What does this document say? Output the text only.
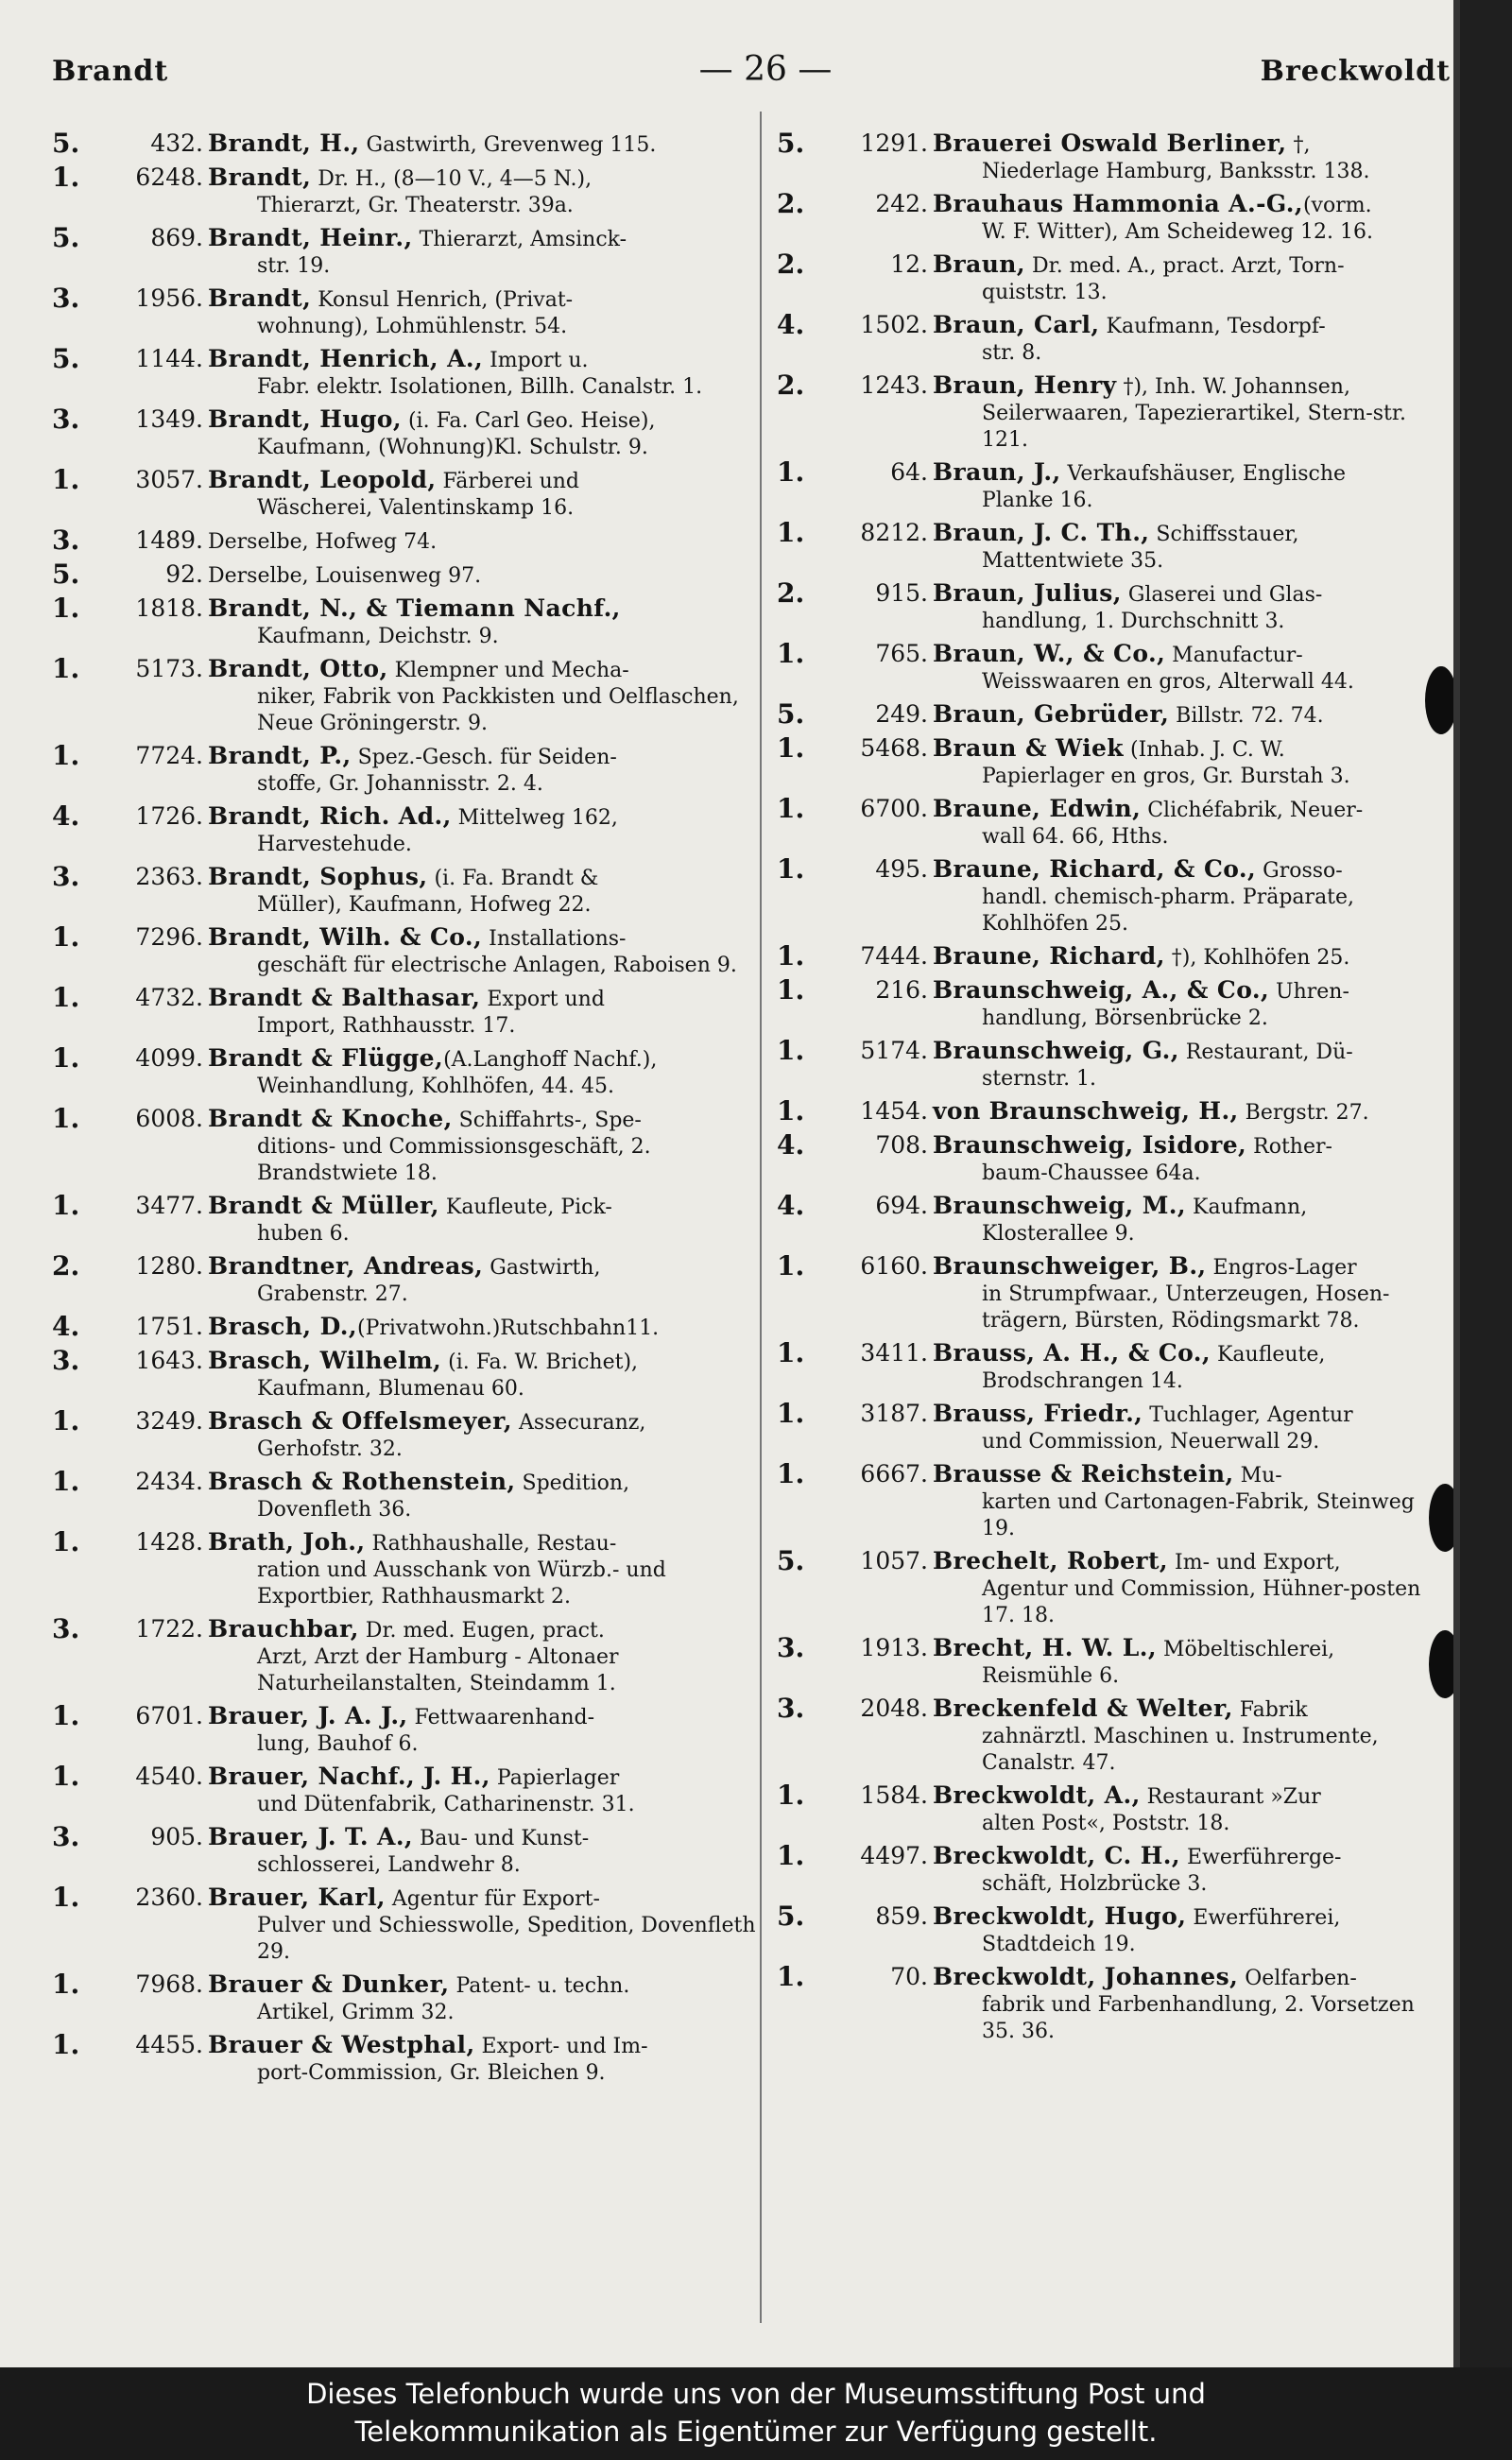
Brandt	— 26 —	Breckwoldt
5.	432. Brandt, H., Gastwirth, Grevenweg 115.
1.	6248. Brandt, Dr. H., (8—10 V., 4—5 N.),
Thierarzt, Gr. Theaterstr. 39a.
5.	869. Brandt, Heinr., Thierarzt, Amsinck-
str. 19.
3.	1956. Brandt, Konsul Henrich, (Privat-
wohnung), Lohmühlenstr. 54.
5.	1144. Brandt, Henrich, A., Import u.
Fabr. elektr. Isolationen, Billh. Canalstr. 1.
3.	1349. Brandt, Hugo, (i. Fa. Carl Geo. Heise),
Kaufmann, (Wohnung)Kl. Schulstr. 9.
1.	3057. Brandt, Leopold, Färberei und
Wäscherei, Valentinskamp 16.
3.	1489. Derselbe, Hofweg 74.
5.	92. Derselbe, Louisenweg 97.
1.	1818. Brandt, N., & Tiemann Nachf.,
Kaufmann, Deichstr. 9.
1.	5173. Brandt, Otto, Klempner und Mecha-
niker, Fabrik von Packkisten und Oelflaschen, Neue Gröningerstr. 9.
1.	7724. Brandt, P., Spez.-Gesch. für Seiden-
stoffe, Gr. Johannisstr. 2. 4.
4.	1726. Brandt, Rich. Ad., Mittelweg 162,
Harvestehude.
3.	2363. Brandt, Sophus, (i. Fa. Brandt &
Müller), Kaufmann, Hofweg 22.
1.	7296. Brandt, Wilh. & Co., Installations-
geschäft für electrische Anlagen, Raboisen 9.
1.	4732. Brandt & Balthasar, Export und
Import, Rathhausstr. 17.
1.	4099. Brandt & Flügge,(A.Langhoff Nachf.),
Weinhandlung, Kohlhöfen, 44. 45.
1.	6008. Brandt & Knoche, Schiffahrts-, Spe-
ditions- und Commissionsgeschäft, 2. Brandstwiete 18.
1.	3477. Brandt & Müller, Kaufleute, Pick-
huben 6.
2.	1280. Brandtner, Andreas, Gastwirth,
Grabenstr. 27.
4.	1751. Brasch, D.,(Privatwohn.)Rutschbahn11.
3.	1643. Brasch, Wilhelm, (i. Fa. W. Brichet),
Kaufmann, Blumenau 60.
1.	3249. Brasch & Offelsmeyer, Assecuranz,
Gerhofstr. 32.
1.	2434. Brasch & Rothenstein, Spedition,
Dovenfleth 36.
1.	1428. Brath, Joh., Rathhaushalle, Restau-
ration und Ausschank von Würzb.- und Exportbier, Rathhausmarkt 2.
3.	1722. Brauchbar, Dr. med. Eugen, pract.
Arzt, Arzt der Hamburg - Altonaer Naturheilanstalten, Steindamm 1.
1.	6701. Brauer, J. A. J., Fettwaarenhand-
lung, Bauhof 6.
1.	4540. Brauer, Nachf., J. H., Papierlager
und Dütenfabrik, Catharinenstr. 31.
3.	905. Brauer, J. T. A., Bau- und Kunst-
schlosserei, Landwehr 8.
1.	2360. Brauer, Karl, Agentur für Export-
Pulver und Schiesswolle, Spedition, Dovenfleth 29.
1.	7968. Brauer & Dunker, Patent- u. techn.
Artikel, Grimm 32.
1.	4455. Brauer & Westphal, Export- und Im-
port-Commission, Gr. Bleichen 9.
5.	1291. Brauerei Oswald Berliner, †,
Niederlage Hamburg, Banksstr. 138.
2.	242. Brauhaus Hammonia A.-G.,(vorm.
W. F. Witter), Am Scheideweg 12. 16.
2.	12. Braun, Dr. med. A., pract. Arzt, Torn-
quiststr. 13.
4.	1502. Braun, Carl, Kaufmann, Tesdorpf-
str. 8.
2.	1243. Braun, Henry †), Inh. W. Johannsen,
Seilerwaaren, Tapezierartikel, Stern-str. 121.
1.	64. Braun, J., Verkaufshäuser, Englische
Planke 16.
1.	8212. Braun, J. C. Th., Schiffsstauer,
Mattentwiete 35.
2.	915. Braun, Julius, Glaserei und Glas-
handlung, 1. Durchschnitt 3.
1.	765. Braun, W., & Co., Manufactur-
Weisswaaren en gros, Alterwall 44.
5.	249. Braun, Gebrüder, Billstr. 72. 74.
1.	5468. Braun & Wiek (Inhab. J. C. W.
Papierlager en gros, Gr. Burstah 3.
1.	6700. Braune, Edwin, Clichéfabrik, Neuer-
wall 64. 66, Hths.
1.	495. Braune, Richard, & Co., Grosso-
handl. chemisch-pharm. Präparate, Kohlhöfen 25.
1.	7444. Braune, Richard, †), Kohlhöfen 25.
1.	216. Braunschweig, A., & Co., Uhren-
handlung, Börsenbrücke 2.
1.	5174. Braunschweig, G., Restaurant, Dü-
sternstr. 1.
1.	1454. von Braunschweig, H., Bergstr. 27.
4.	708. Braunschweig, Isidore, Rother-
baum-Chaussee 64a.
4.	694. Braunschweig, M., Kaufmann,
Klosterallee 9.
1.	6160. Braunschweiger, B., Engros-Lager
in Strumpfwaar., Unterzeugen, Hosen-trägern, Bürsten, Rödingsmarkt 78.
1.	3411. Brauss, A. H., & Co., Kaufleute,
Brodschrangen 14.
1.	3187. Brauss, Friedr., Tuchlager, Agentur
und Commission, Neuerwall 29.
1.	6667. Brausse & Reichstein, Mu-
karten und Cartonagen-Fabrik, Steinweg 19.
5.	1057. Brechelt, Robert, Im- und Export,
Agentur und Commission, Hühner-posten 17. 18.
3.	1913. Brecht, H. W. L., Möbeltischlerei,
Reismühle 6.
3.	2048. Breckenfeld & Welter, Fabrik
zahnärztl. Maschinen u. Instrumente, Canalstr. 47.
1.	1584. Breckwoldt, A., Restaurant »Zur
alten Post«, Poststr. 18.
1.	4497. Breckwoldt, C. H., Ewerführerge-
schäft, Holzbrücke 3.
5.	859. Breckwoldt, Hugo, Ewerführerei,
Stadtdeich 19.
1.	70. Breckwoldt, Johannes, Oelfarben-
fabrik und Farbenhandlung, 2. Vorsetzen 35. 36.
Dieses Telefonbuch wurde uns von der Museumsstiftung Post und
Telekommunikation als Eigentümer zur Verfügung gestellt.
